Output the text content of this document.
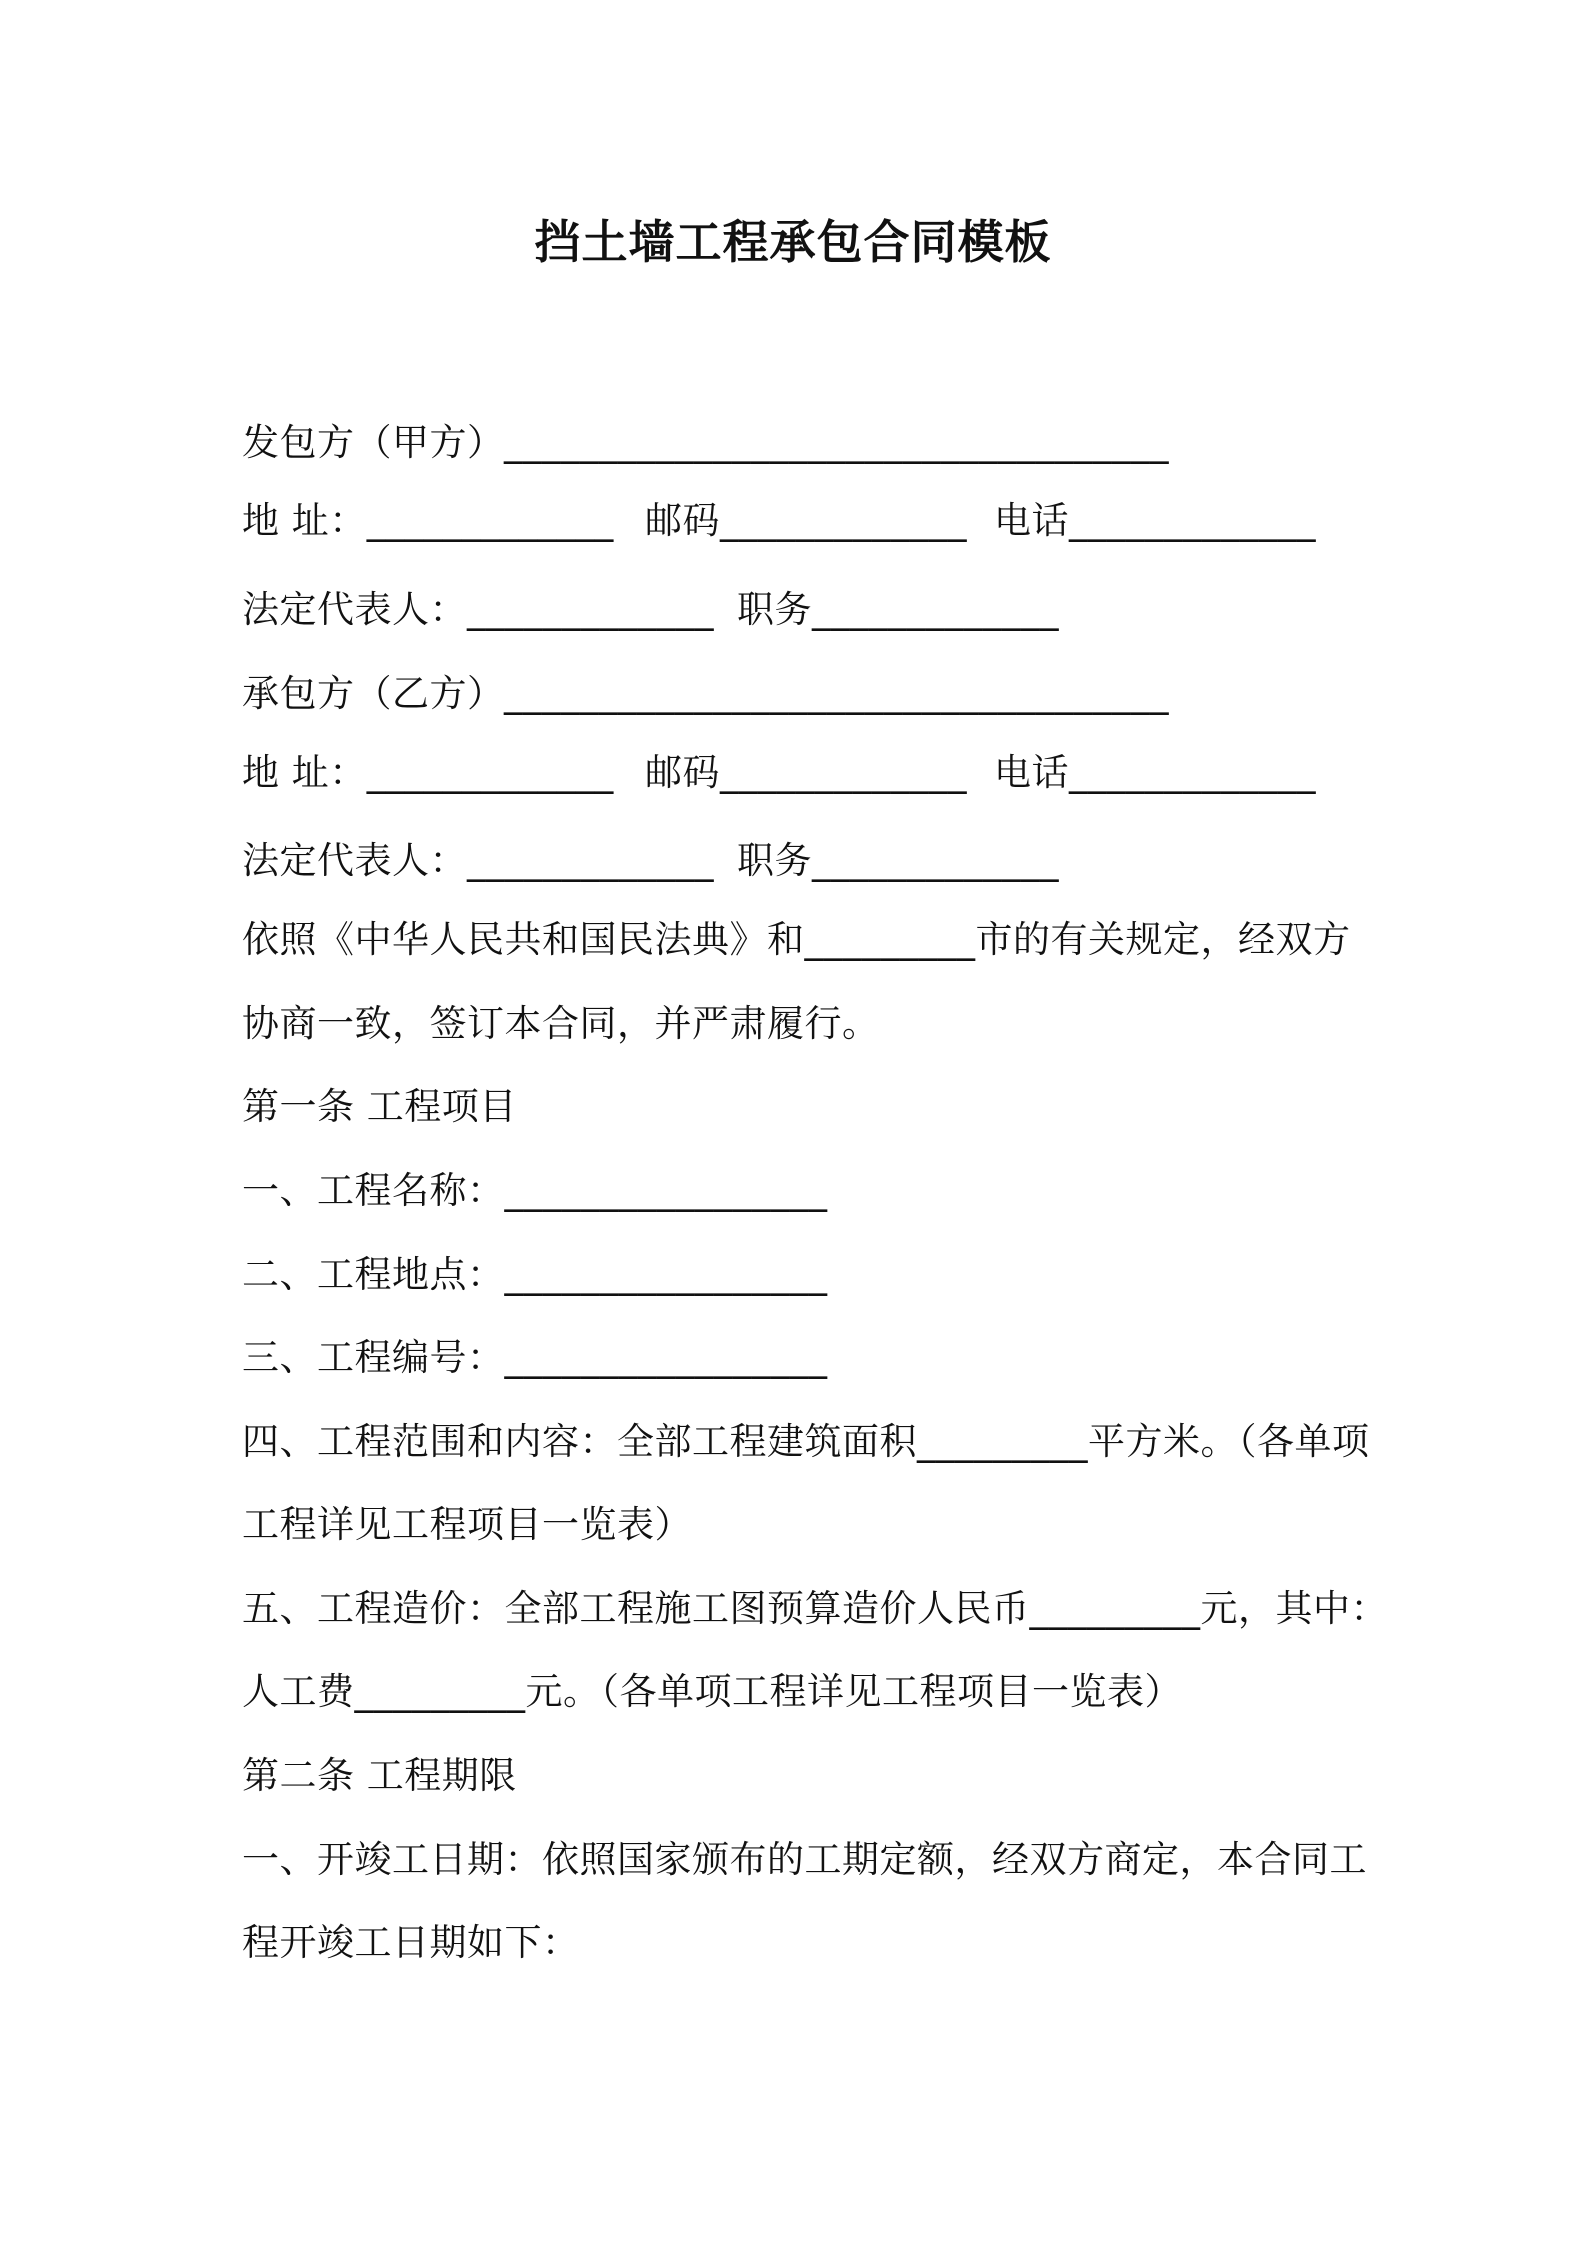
挡土墙工程承包合同模板
发包方（甲方） ___________________________________
地 址：_____________ 邮码_____________ 电话_____________
法定代表人：_____________ 职务_____________
承包方（乙方） ___________________________________
地 址：_____________ 邮码_____________ 电话_____________
法定代表人：_____________ 职务_____________
依照《中华人民共和国民法典》和_________市的有关规定，经双方
协商一致，签订本合同，并严肃履行。
第一条 工程项目
一、工程名称：_________________
二、工程地点：_________________
三、工程编号：_________________
四、工程范围和内容：全部工程建筑面积_________平方米。（各单项
工程详见工程项目一览表）
五、工程造价：全部工程施工图预算造价人民币_________元，其中：
人工费_________元。（各单项工程详见工程项目一览表）
第二条 工程期限
一、开竣工日期：依照国家颁布的工期定额，经双方商定，本合同工
程开竣工日期如下：
